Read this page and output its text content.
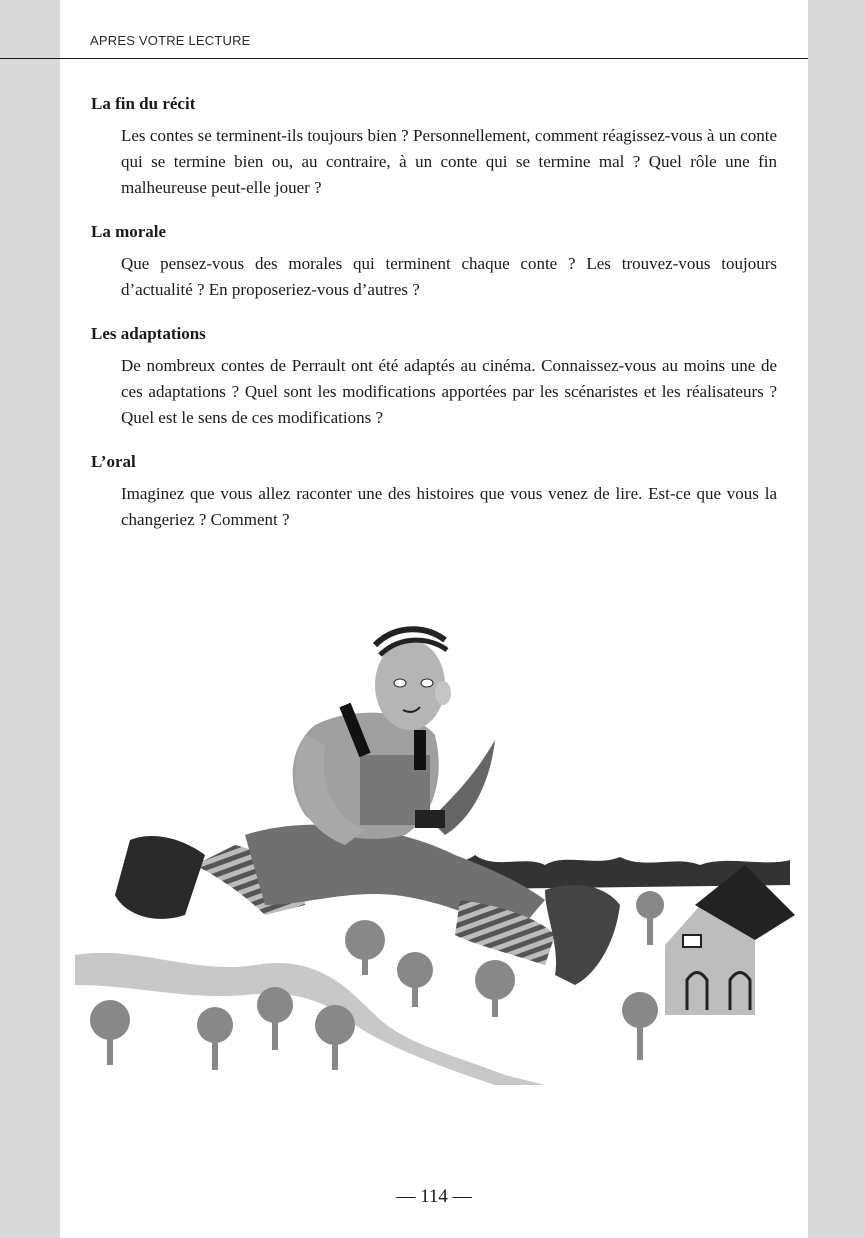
APRES VOTRE LECTURE
La fin du récit

Les contes se terminent-ils toujours bien ? Personnellement, comment réagissez-vous à un conte qui se termine bien ou, au contraire, à un conte qui se termine mal ? Quel rôle une fin malheureuse peut-elle jouer ?

La morale

Que pensez-vous des morales qui terminent chaque conte ? Les trouvez-vous toujours d’actualité ? En proposeriez-vous d’autres ?

Les adaptations

De nombreux contes de Perrault ont été adaptés au cinéma. Connaissez-vous au moins une de ces adaptations ? Quel sont les modifications apportées par les scénaristes et les réalisateurs ? Quel est le sens de ces modifications ?

L’oral

Imaginez que vous allez raconter une des histoires que vous venez de lire. Est-ce que vous la changeriez ? Comment ?

— 114 —
